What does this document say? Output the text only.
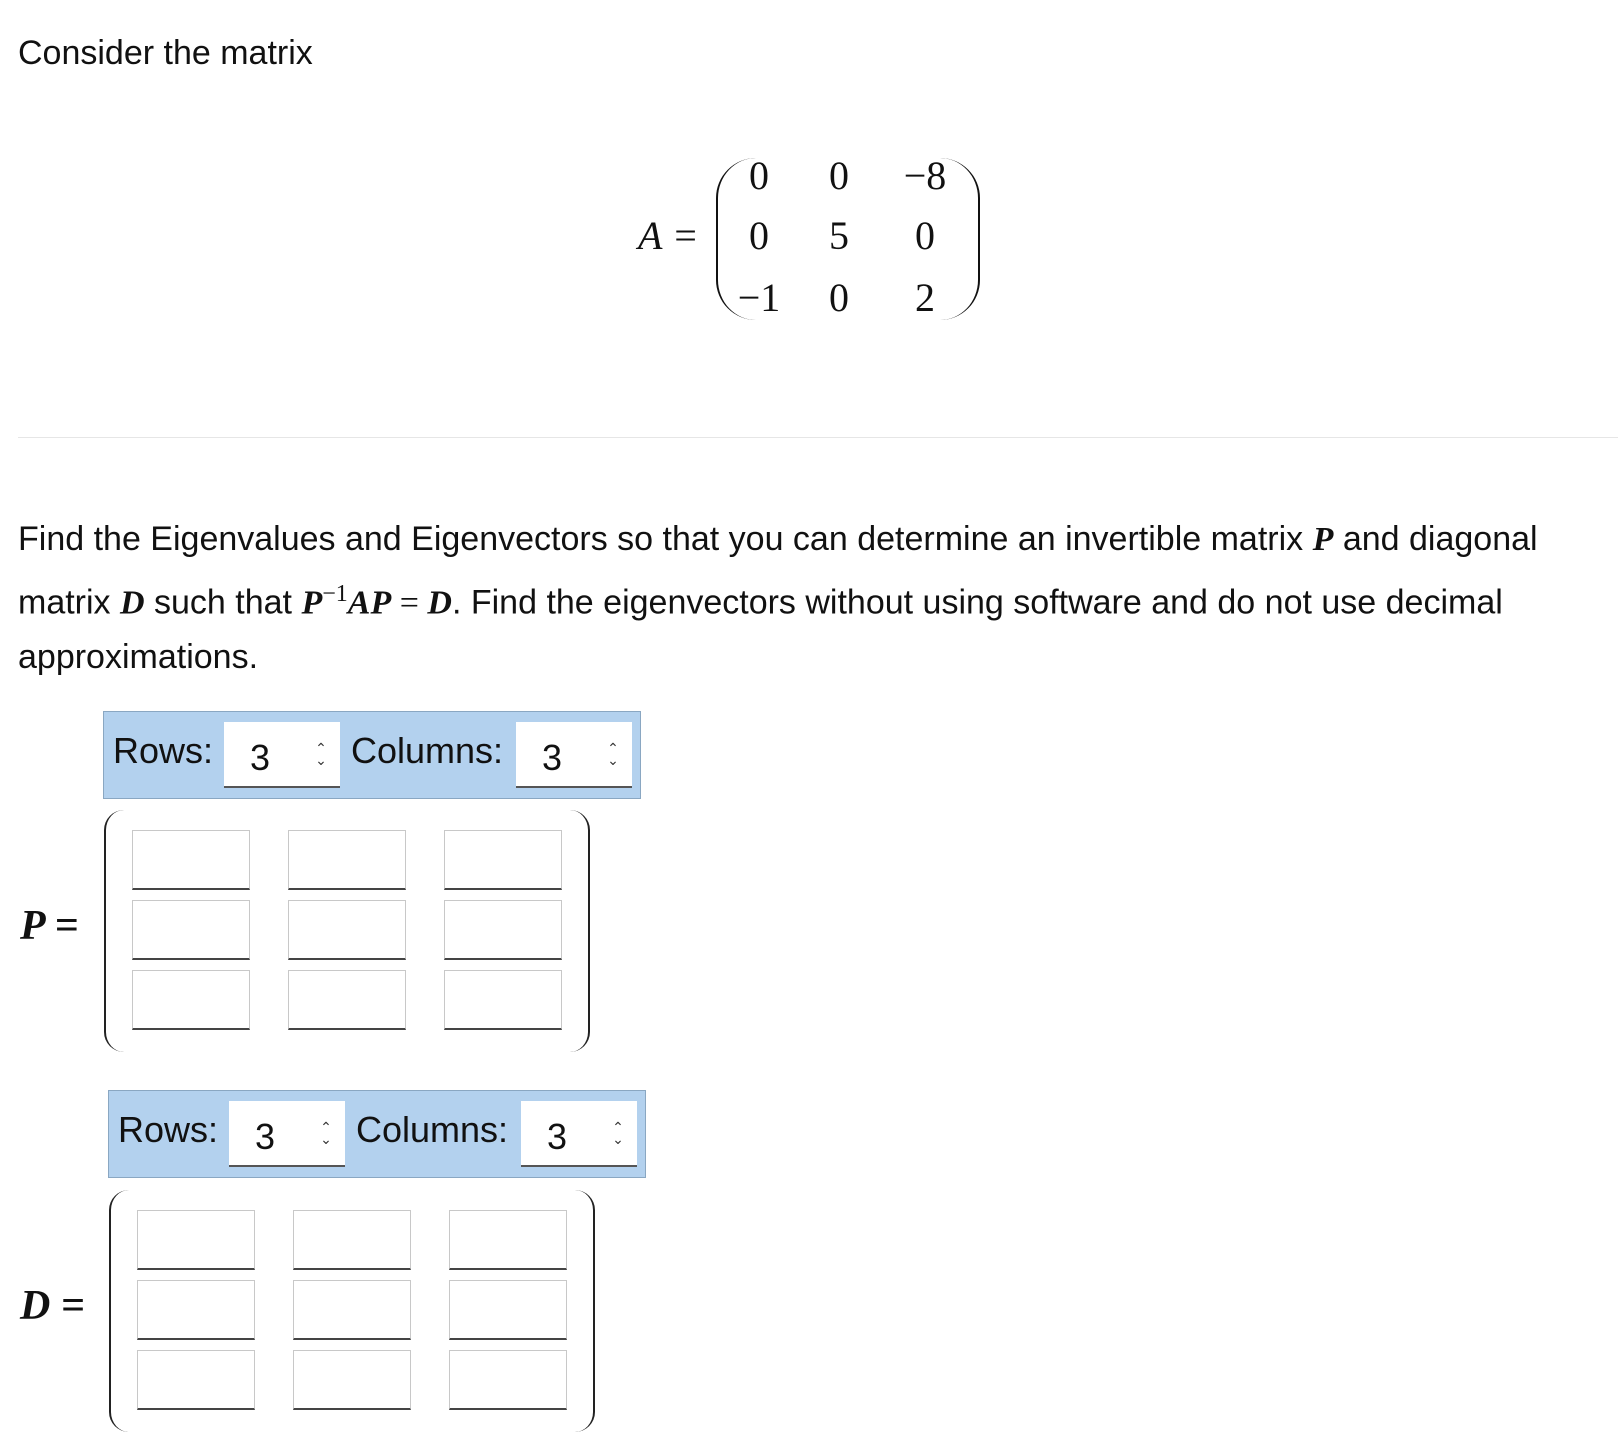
Consider the matrix
A =
0	0	−8
0	5	0
−1	0	2
Find the Eigenvalues and Eigenvectors so that you can determine an invertible matrix P and diagonal matrix D such that $P^{-1}AP = D$. Find the eigenvectors without using software and do not use decimal approximations.
Rows: 3	⌃
⌄ Columns: 3	⌃
⌄
P =
Rows: 3	⌃
⌄ Columns: 3	⌃
⌄
D =
